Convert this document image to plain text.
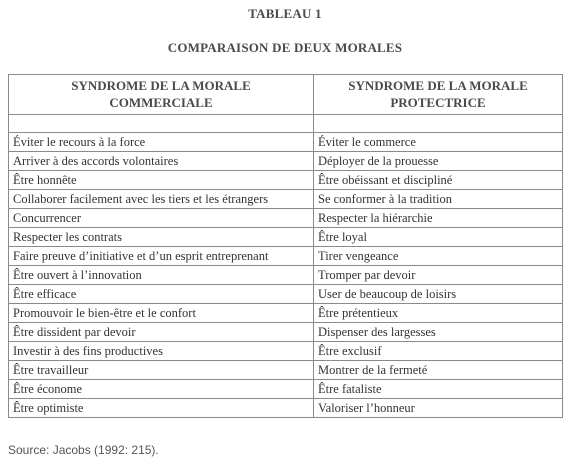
TABLEAU 1
COMPARAISON DE DEUX MORALES
SYNDROME DE LA MORALE	SYNDROME DE LA MORALE
COMMERCIALE	PROTECTRICE

Éviter le recours à la force	Éviter le commerce
Arriver à des accords volontaires	Déployer de la prouesse
Être honnête	Être obéissant et discipliné
Collaborer facilement avec les tiers et les étrangers	Se conformer à la tradition
Concurrencer	Respecter la hiérarchie
Respecter les contrats	Être loyal
Faire preuve d’initiative et d’un esprit entreprenant	Tirer vengeance
Être ouvert à l’innovation	Tromper par devoir
Être efficace	User de beaucoup de loisirs
Promouvoir le bien-être et le confort	Être prétentieux
Être dissident par devoir	Dispenser des largesses
Investir à des fins productives	Être exclusif
Être travailleur	Montrer de la fermeté
Être économe	Être fataliste
Être optimiste	Valoriser l’honneur
Source: Jacobs (1992: 215).
